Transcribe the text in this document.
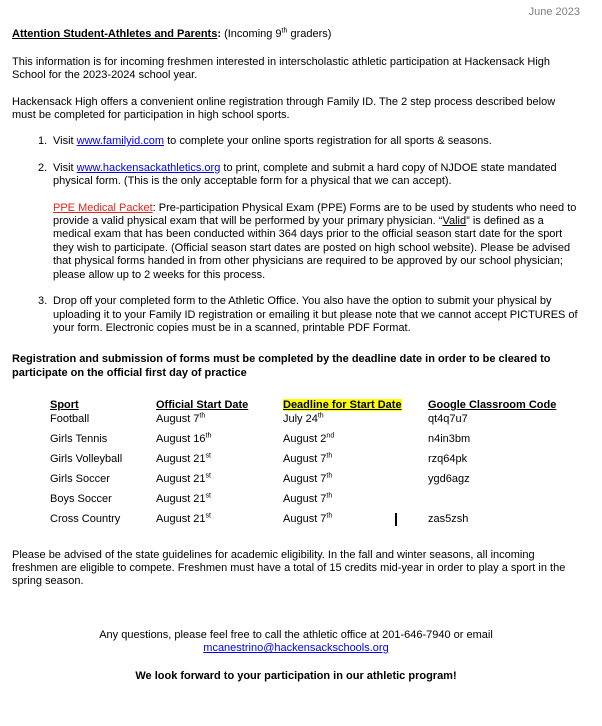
June 2023
Attention Student-Athletes and Parents: (Incoming 9th graders)
This information is for incoming freshmen interested in interscholastic athletic participation at Hackensack High School for the 2023-2024 school year.
Hackensack High offers a convenient online registration through Family ID. The 2 step process described below must be completed for participation in high school sports.
1. Visit www.familyid.com to complete your online sports registration for all sports & seasons.
2. Visit www.hackensackathletics.org to print, complete and submit a hard copy of NJDOE state mandated physical form. (This is the only acceptable form for a physical that we can accept).
PPE Medical Packet: Pre-participation Physical Exam (PPE) Forms are to be used by students who need to provide a valid physical exam that will be performed by your primary physician. “Valid” is defined as a medical exam that has been conducted within 364 days prior to the official season start date for the sport they wish to participate. (Official season start dates are posted on high school website). Please be advised that physical forms handed in from other physicians are required to be approved by our school physician; please allow up to 2 weeks for this process.
3. Drop off your completed form to the Athletic Office. You also have the option to submit your physical by uploading it to your Family ID registration or emailing it but please note that we cannot accept PICTURES of your form. Electronic copies must be in a scanned, printable PDF Format.
Registration and submission of forms must be completed by the deadline date in order to be cleared to participate on the official first day of practice
Sport	Official Start Date	Deadline for Start Date	Google Classroom Code
Football	August 7th	July 24th	qt4q7u7
Girls Tennis	August 16th	August 2nd	n4in3bm
Girls Volleyball	August 21st	August 7th	rzq64pk
Girls Soccer	August 21st	August 7th	ygd6agz
Boys Soccer	August 21st	August 7th
Cross Country	August 21st	August 7th	zas5zsh
Please be advised of the state guidelines for academic eligibility. In the fall and winter seasons, all incoming freshmen are eligible to compete. Freshmen must have a total of 15 credits mid-year in order to play a sport in the spring season.
Any questions, please feel free to call the athletic office at 201-646-7940 or email
mcanestrino@hackensackschools.org
We look forward to your participation in our athletic program!
